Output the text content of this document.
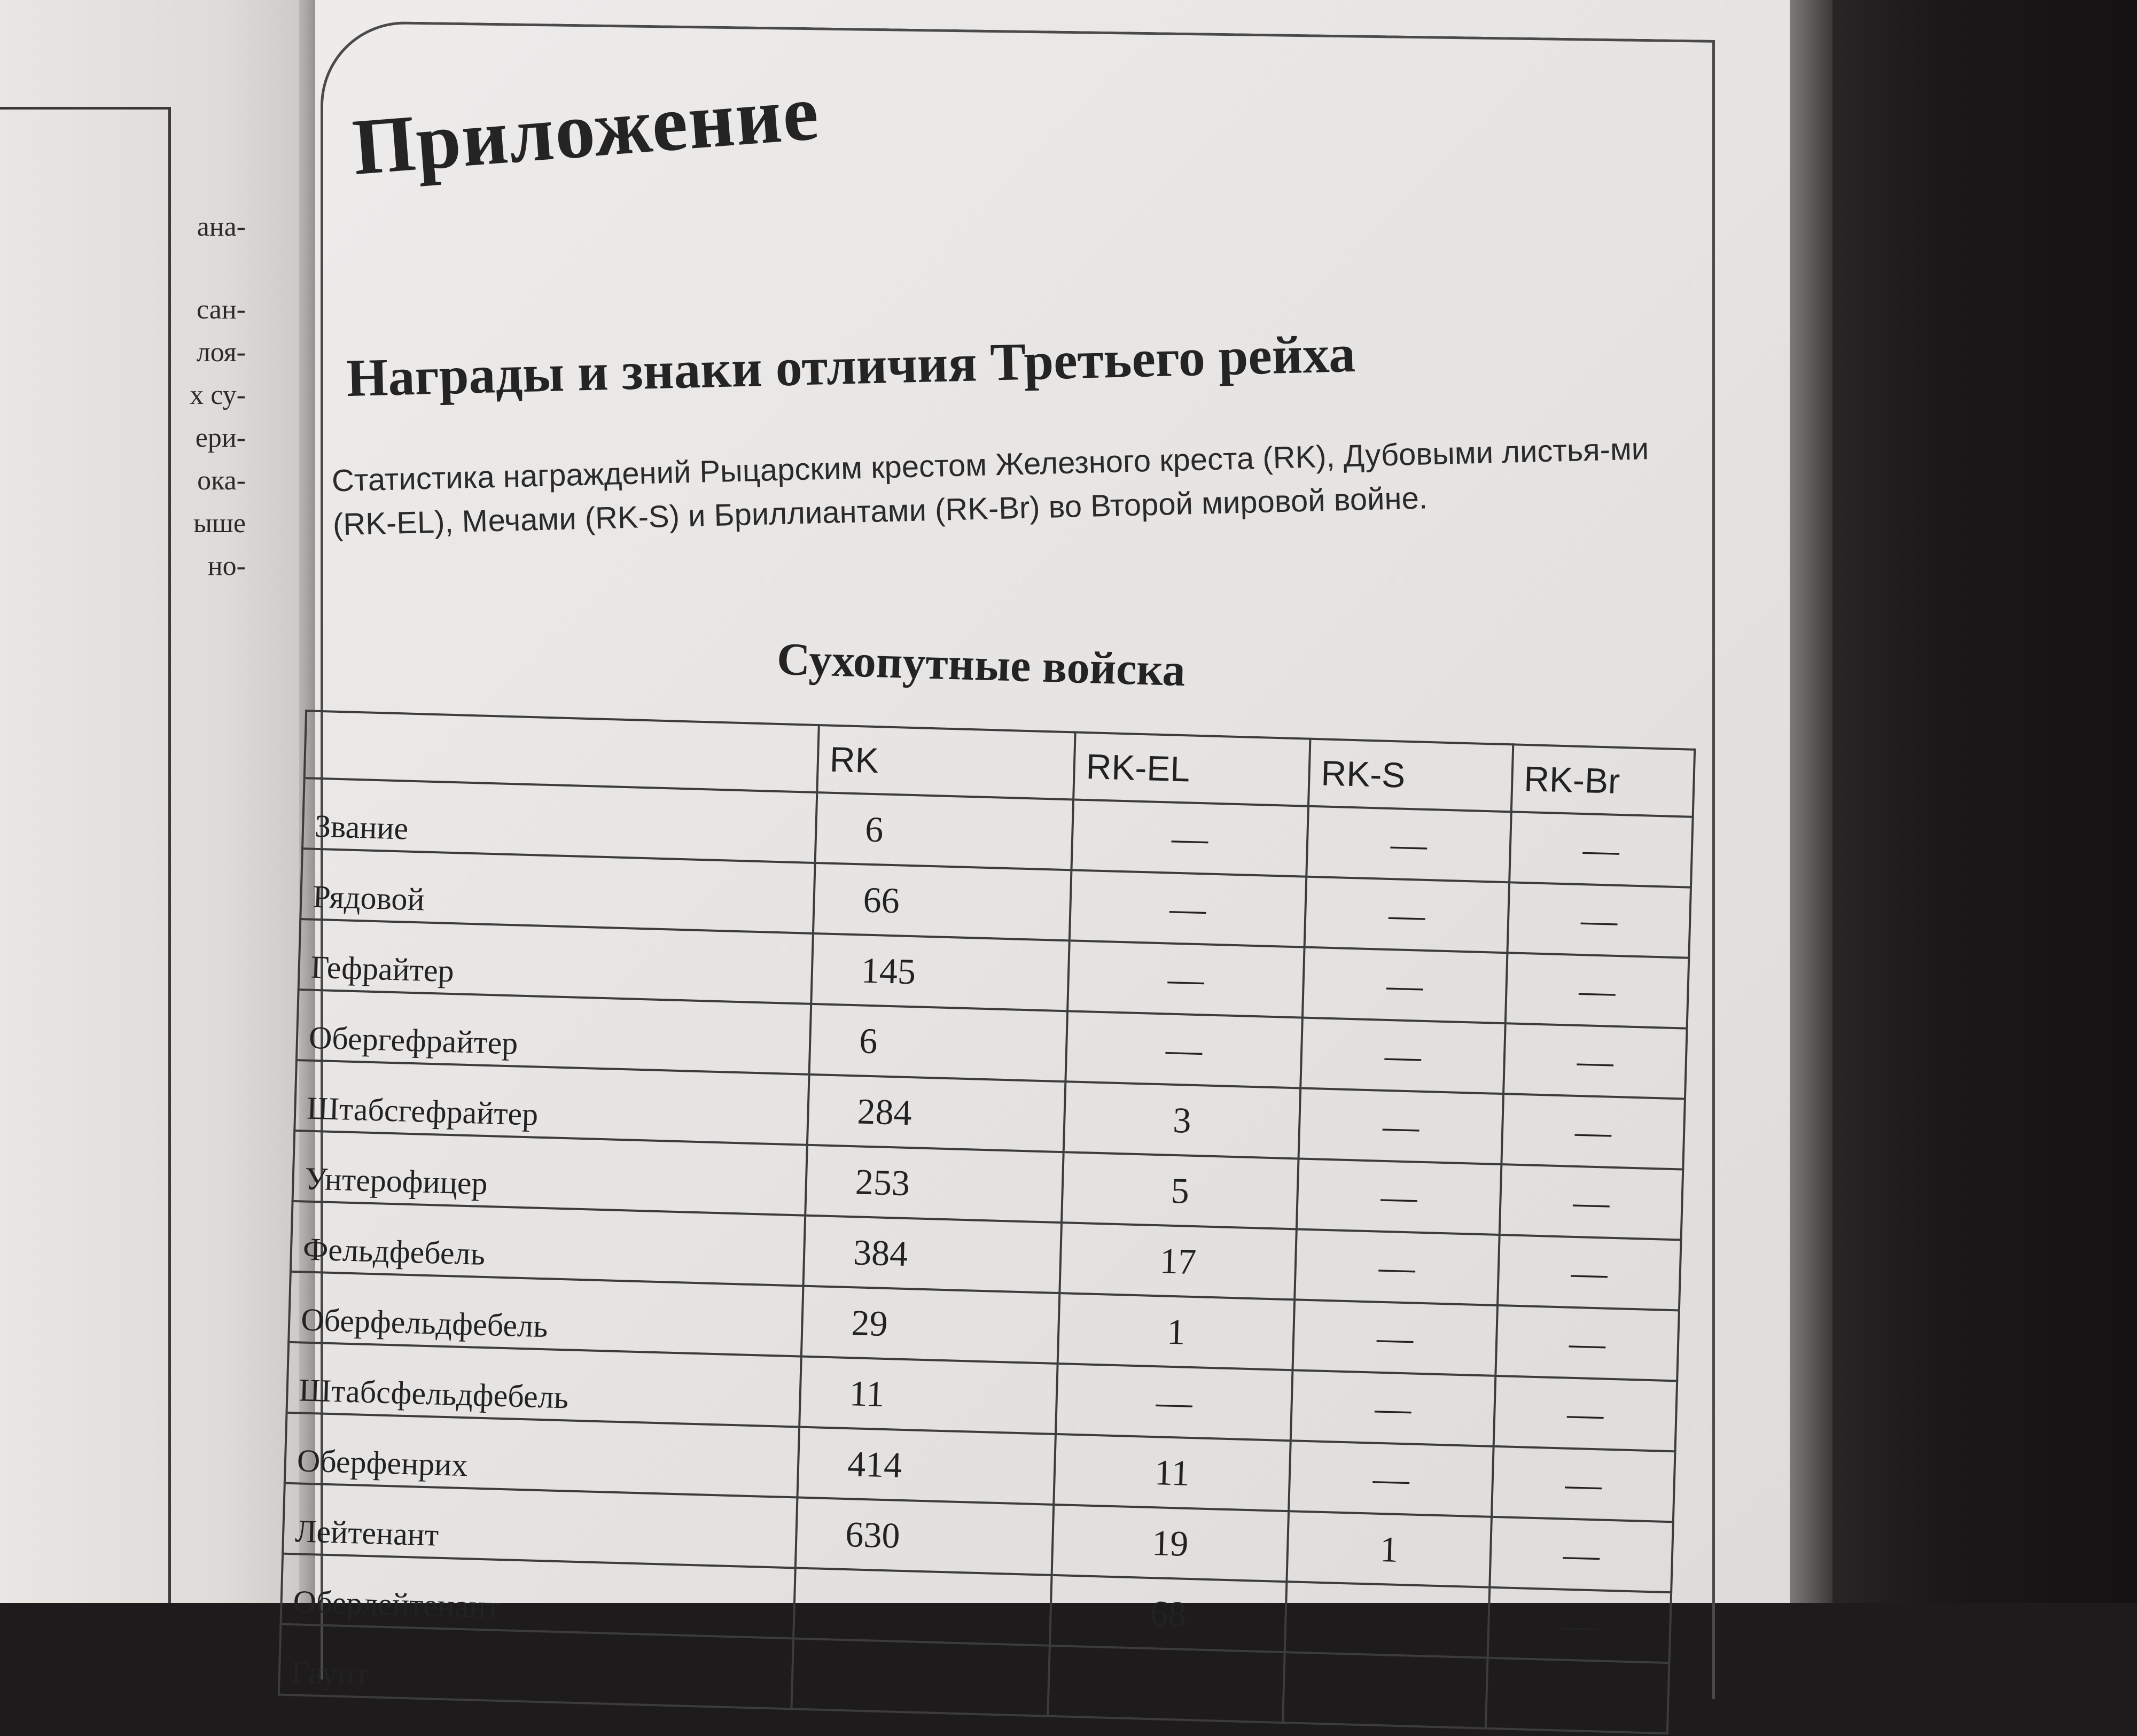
ана-
сан-
лоя-
х су-
ери-
ока-
ыше
но-
Приложение
Награды и знаки отличия Третьего рейха
Статистика награждений Рыцарским крестом Железного креста (RK), Дубовыми листья-ми (RK-EL), Мечами (RK-S) и Бриллиантами (RK-Br) во Второй мировой войне.
Сухопутные войска
	RK	RK-EL	RK-S	RK-Br
Звание	6	—	—	—
Рядовой	66	—	—	—
Гефрайтер	145	—	—	—
Обергефрайтер	6	—	—	—
Штабсгефрайтер	284	3	—	—
Унтерофицер	253	5	—	—
Фельдфебель	384	17	—	—
Оберфельдфебель	29	1	—	—
Штабсфельдфебель	11	—	—	—
Оберфенрих	414	11	—	—
Лейтенант	630	19	1	—
Оберлейтенант		68		—
Гаупт				
